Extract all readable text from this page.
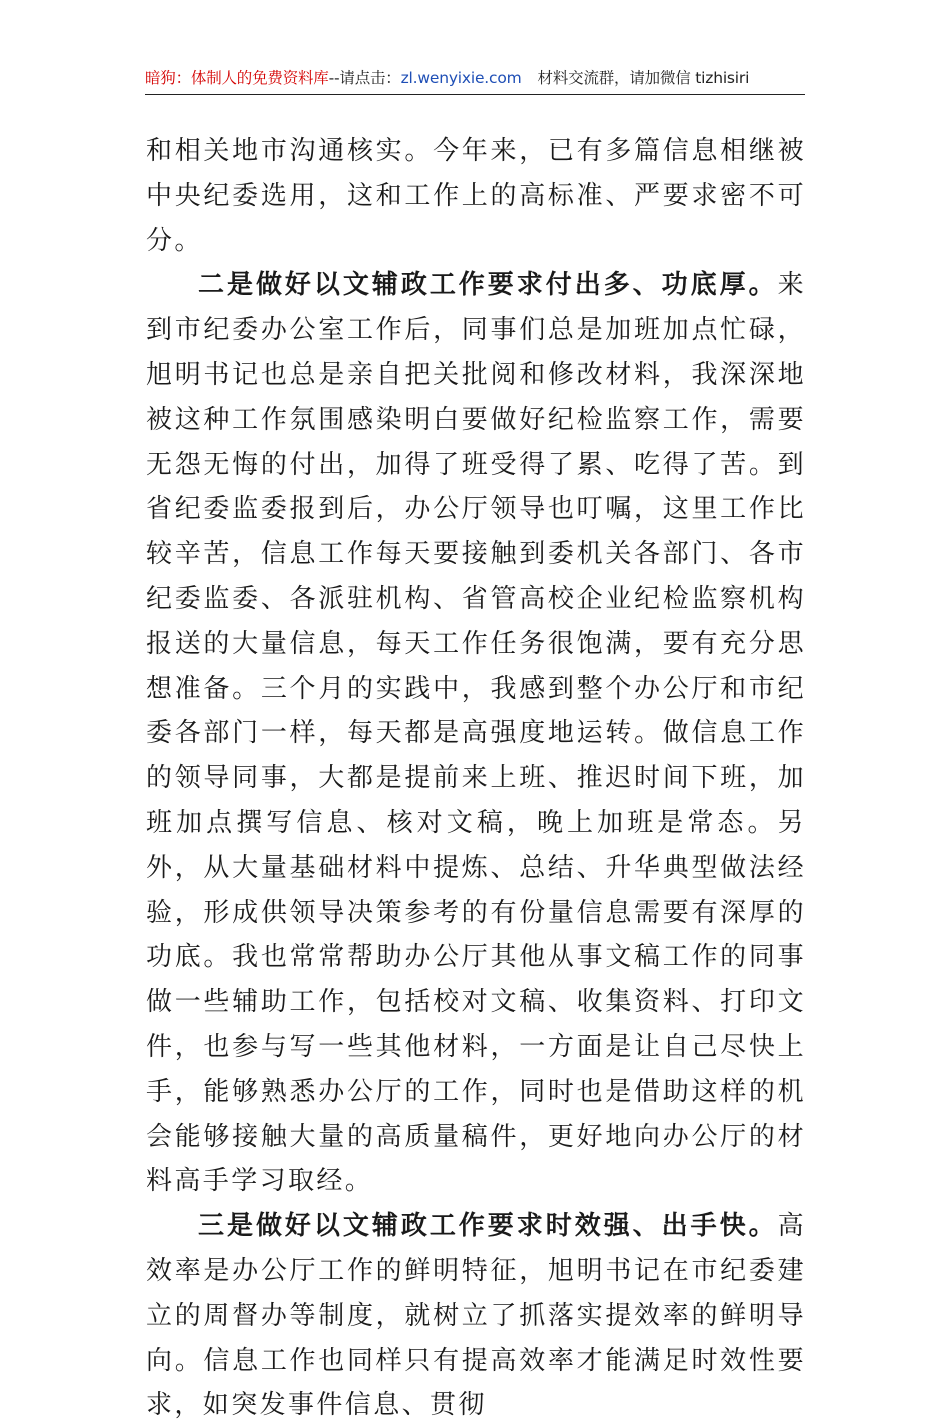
暗狗：体制人的免费资料库--请点击：zl.wenyixie.com 材料交流群，请加微信 tizhisiri

和相关地市沟通核实。今年来，已有多篇信息相继被中央纪委选用，这和工作上的高标准、严要求密不可分。

二是做好以文辅政工作要求付出多、功底厚。来到市纪委办公室工作后，同事们总是加班加点忙碌，旭明书记也总是亲自把关批阅和修改材料，我深深地被这种工作氛围感染明白要做好纪检监察工作，需要无怨无悔的付出，加得了班受得了累、吃得了苦。到省纪委监委报到后，办公厅领导也叮嘱，这里工作比较辛苦，信息工作每天要接触到委机关各部门、各市纪委监委、各派驻机构、省管高校企业纪检监察机构报送的大量信息，每天工作任务很饱满，要有充分思想准备。三个月的实践中，我感到整个办公厅和市纪委各部门一样，每天都是高强度地运转。做信息工作的领导同事，大都是提前来上班、推迟时间下班，加班加点撰写信息、核对文稿，晚上加班是常态。另外，从大量基础材料中提炼、总结、升华典型做法经验，形成供领导决策参考的有份量信息需要有深厚的功底。我也常常帮助办公厅其他从事文稿工作的同事做一些辅助工作，包括校对文稿、收集资料、打印文件，也参与写一些其他材料，一方面是让自己尽快上手，能够熟悉办公厅的工作，同时也是借助这样的机会能够接触大量的高质量稿件，更好地向办公厅的材料高手学习取经。

三是做好以文辅政工作要求时效强、出手快。高效率是办公厅工作的鲜明特征，旭明书记在市纪委建立的周督办等制度，就树立了抓落实提效率的鲜明导向。信息工作也同样只有提高效率才能满足时效性要求，如突发事件信息、贯彻
